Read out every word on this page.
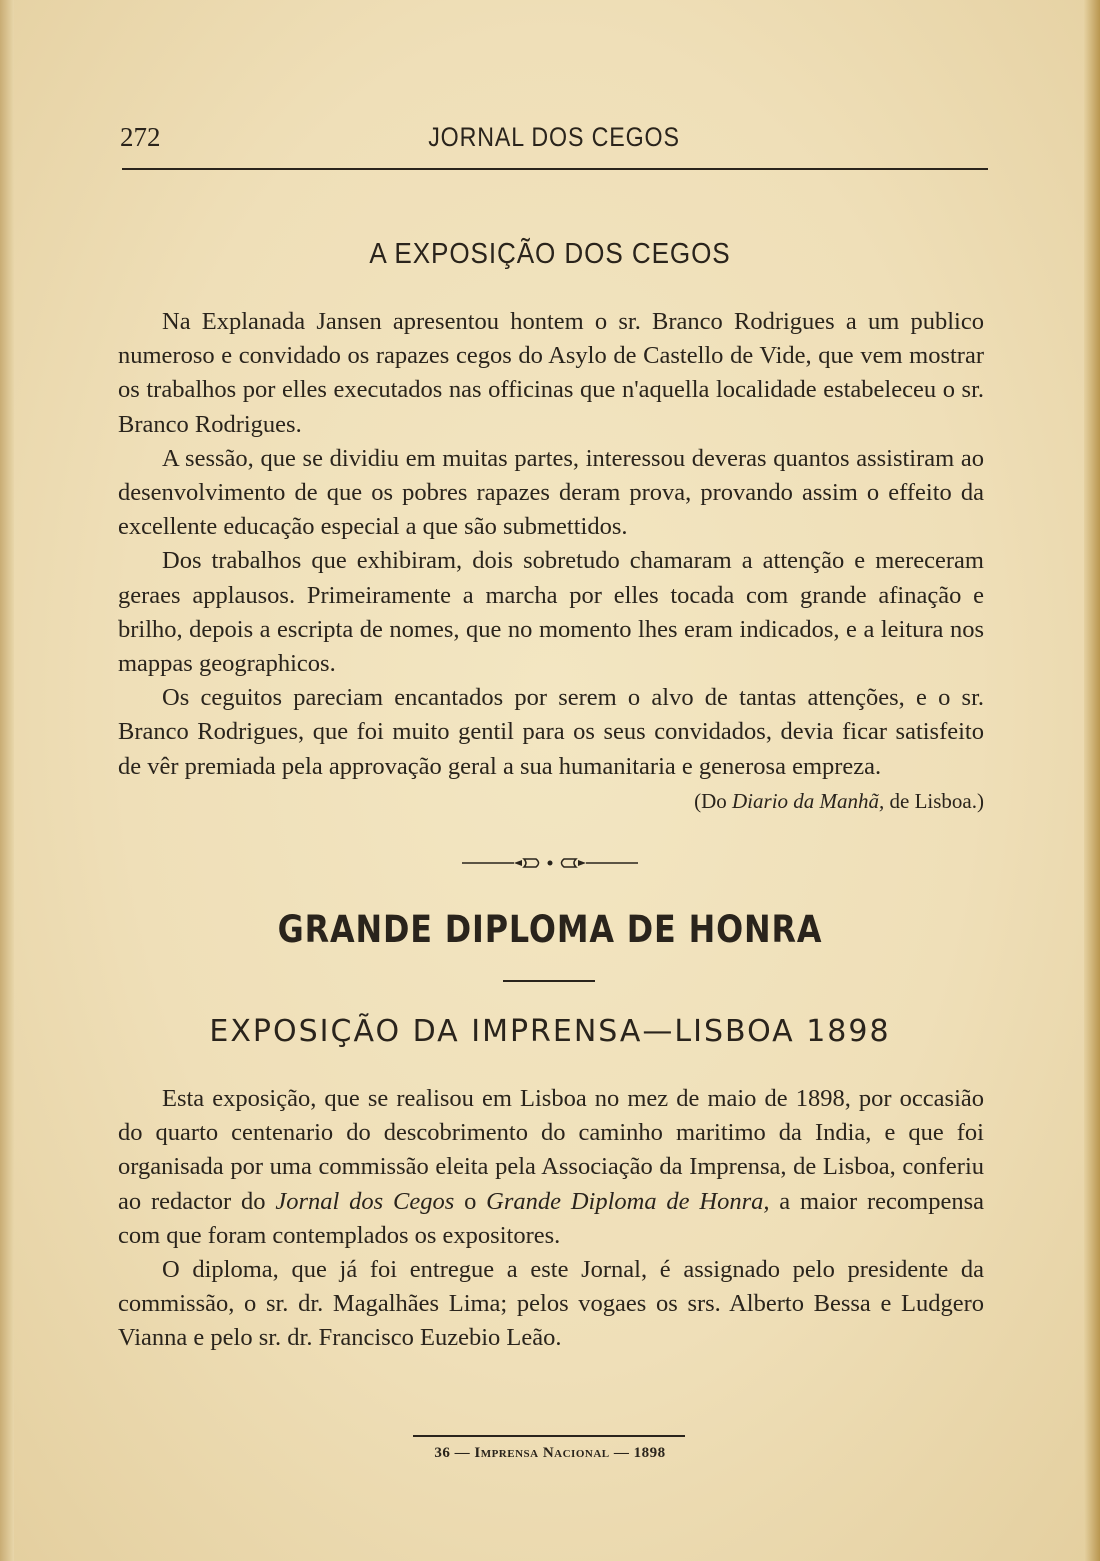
272	JORNAL DOS CEGOS
A EXPOSIÇÃO DOS CEGOS

Na Explanada Jansen apresentou hontem o sr. Branco Rodrigues a um publico numeroso e convidado os rapazes cegos do Asylo de Castello de Vide, que vem mostrar os trabalhos por elles executados nas officinas que n'aquella localidade estabeleceu o sr. Branco Rodrigues.

A sessão, que se dividiu em muitas partes, interessou deveras quantos assistiram ao desenvolvimento de que os pobres rapazes deram prova, provando assim o effeito da excellente educação especial a que são submettidos.

Dos trabalhos que exhibiram, dois sobretudo chamaram a attenção e mereceram geraes applausos. Primeiramente a marcha por elles tocada com grande afinação e brilho, depois a escripta de nomes, que no momento lhes eram indicados, e a leitura nos mappas geographicos.

Os ceguitos pareciam encantados por serem o alvo de tantas attenções, e o sr. Branco Rodrigues, que foi muito gentil para os seus convidados, devia ficar satisfeito de vêr premiada pela approvação geral a sua humanitaria e generosa empreza.
(Do Diario da Manhã, de Lisboa.)

GRANDE DIPLOMA DE HONRA
EXPOSIÇÃO DA IMPRENSA—LISBOA 1898

Esta exposição, que se realisou em Lisboa no mez de maio de 1898, por occasião do quarto centenario do descobrimento do caminho maritimo da India, e que foi organisada por uma commissão eleita pela Associação da Imprensa, de Lisboa, conferiu ao redactor do Jornal dos Cegos o Grande Diploma de Honra, a maior recompensa com que foram contemplados os expositores.

O diploma, que já foi entregue a este Jornal, é assignado pelo presidente da commissão, o sr. dr. Magalhães Lima; pelos vogaes os srs. Alberto Bessa e Ludgero Vianna e pelo sr. dr. Francisco Euzebio Leão.

36 — Imprensa Nacional — 1898
